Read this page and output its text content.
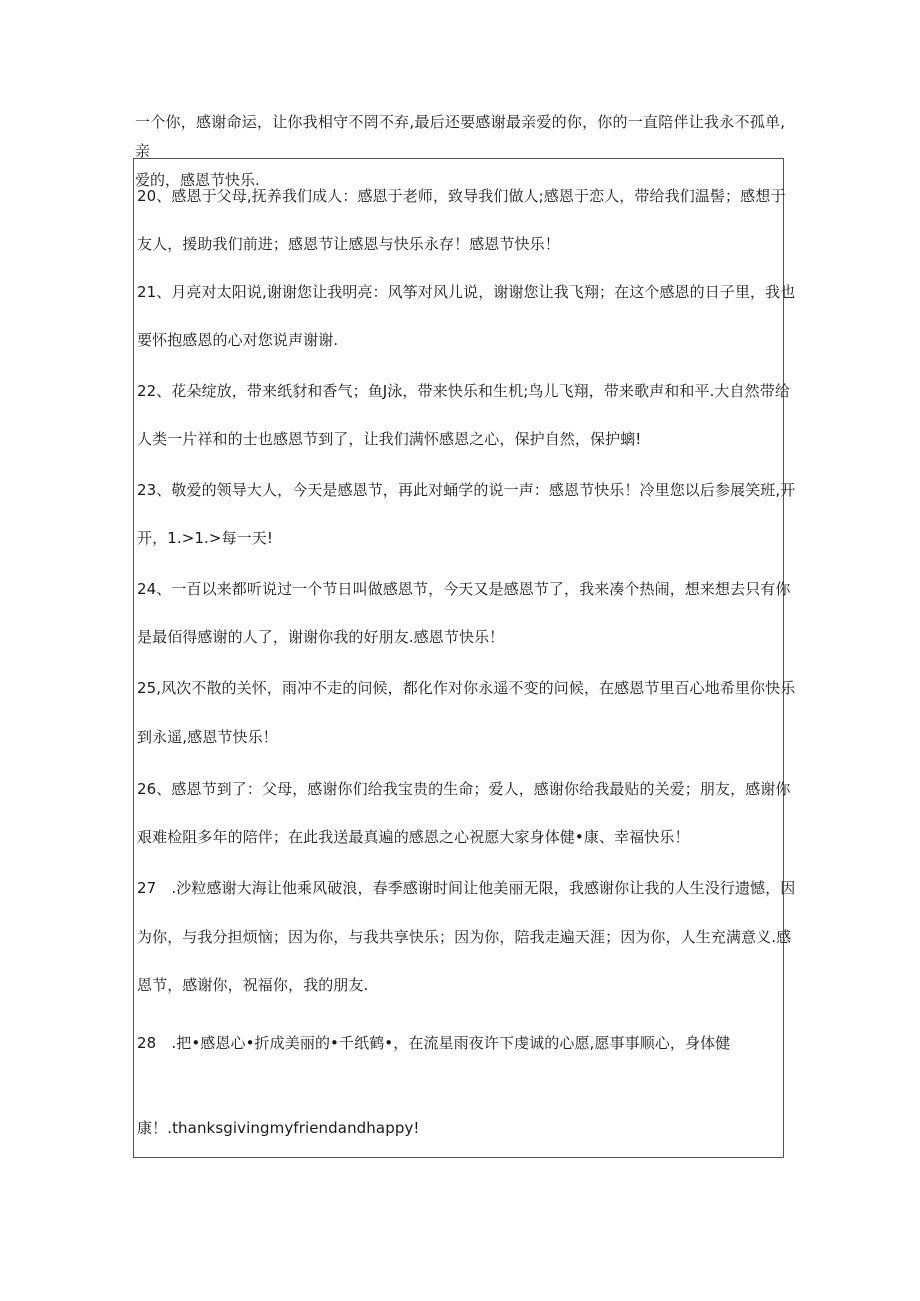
一个你，感谢命运，让你我相守不罔不弃,最后还要感谢最亲爱的你，你的一直陪伴让我永不孤单,亲
爱的，感恩节快乐.
20、感恩于父母,抚养我们成人：感恩于老师，致导我们做人;感恩于恋人，带给我们温髻；感想于
友人，援助我们前进；感恩节让感恩与快乐永存！感恩节快乐！
21、月亮对太阳说,谢谢您让我明亮：风筝对风儿说，谢谢您让我飞翔；在这个感恩的日子里，我也
要怀抱感恩的心对您说声谢谢.
22、花朵绽放，带来纸豺和香气；鱼J泳，带来快乐和生机;鸟儿飞翔，带来歌声和和平.大自然带给
人类一片祥和的士也感恩节到了，让我们满怀感恩之心，保护自然，保护螭!
23、敬爱的领导大人，今天是感恩节，再此对蛹学的说一声：感恩节快乐！冷里您以后参展笑班,开
开，1.>1.>每一天!
24、一百以来都听说过一个节日叫做感恩节，今天又是感恩节了，我来凑个热闹，想来想去只有你
是最佰得感谢的人了，谢谢你我的好朋友.感恩节快乐！
25,风次不散的关怀，雨冲不走的问候，都化作对你永遥不变的问候，在感恩节里百心地希里你快乐
到永遥,感恩节快乐！
26、感恩节到了：父母，感谢你们给我宝贵的生命；爱人，感谢你给我最贴的关爱；朋友，感谢你
艰难检阻多年的陪伴；在此我送最真遍的感恩之心祝愿大家身体健•康、幸福快乐！
27　.沙粒感谢大海让他乘风破浪，春季感谢时间让他美丽无限，我感谢你让我的人生没行遗憾，因
为你，与我分担烦恼；因为你，与我共享快乐；因为你，陪我走遍天涯；因为你，人生充满意义.感
恩节，感谢你，祝福你，我的朋友.
28　.把•感恩心•折成美丽的•千纸鹤•，在流星雨夜许下虔诚的心愿,愿事事顺心，身体健
康！.thanksgivingmyfriendandhappy!
